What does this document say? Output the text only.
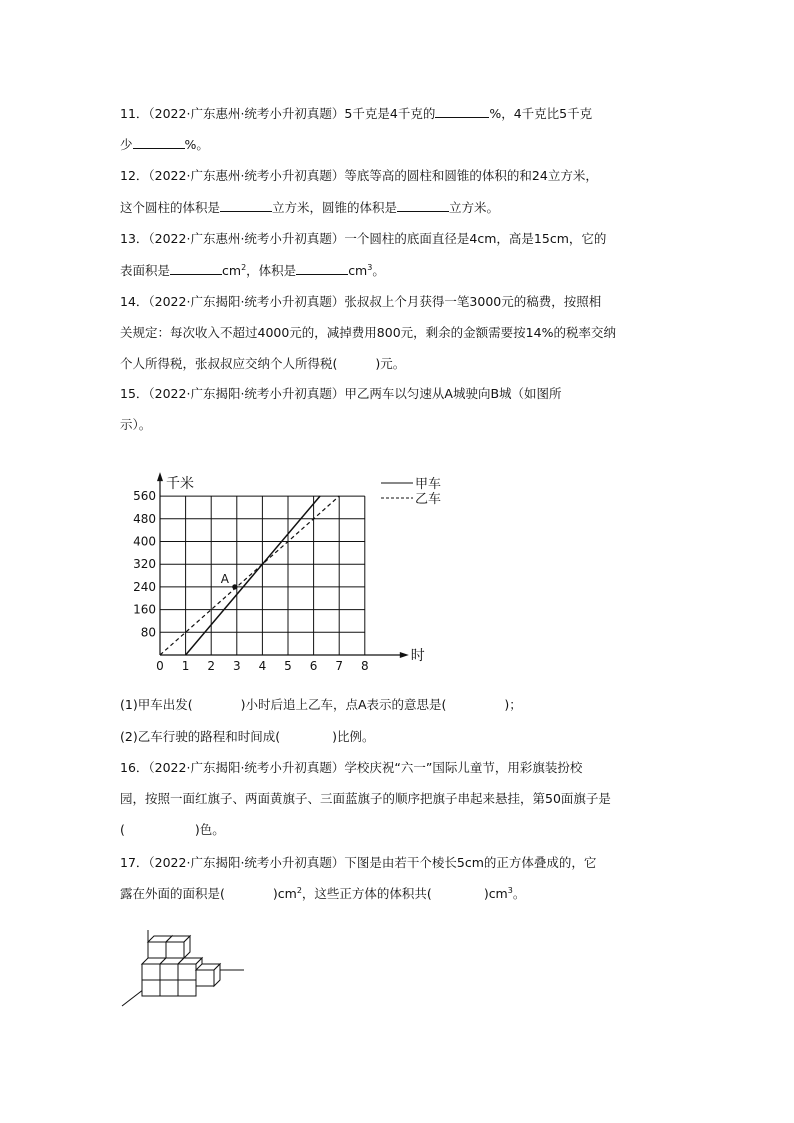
11．（2022·广东惠州·统考小升初真题）5千克是4千克的	%，4千克比5千克
少	%。
12．（2022·广东惠州·统考小升初真题）等底等高的圆柱和圆锥的体积的和24立方米，
这个圆柱的体积是	立方米，圆锥的体积是	立方米。
13．（2022·广东惠州·统考小升初真题）一个圆柱的底面直径是4cm，高是15cm，它的
表面积是	$cm^2$，体积是	$cm^3$。
14．（2022·广东揭阳·统考小升初真题）张叔叔上个月获得一笔3000元的稿费，按照相
关规定：每次收入不超过4000元的，减掉费用800元，剩余的金额需要按14%的税率交纳
个人所得税，张叔叔应交纳个人所得税(	)元。
15．（2022·广东揭阳·统考小升初真题）甲乙两车以匀速从A城驶向B城（如图所
示）。
1 2 3 4 5 6 7 8
80
160
240
320
400
480
560
0
千米
时
A
甲车
乙车
(1)甲车出发(	)小时后追上乙车，点A表示的意思是(	)；
(2)乙车行驶的路程和时间成(	)比例。
16．（2022·广东揭阳·统考小升初真题）学校庆祝“六一”国际儿童节，用彩旗装扮校
园，按照一面红旗子、两面黄旗子、三面蓝旗子的顺序把旗子串起来悬挂，第50面旗子是
(	)色。
17．（2022·广东揭阳·统考小升初真题）下图是由若干个棱长5cm的正方体叠成的，它
露在外面的面积是(	)$cm^2$，这些正方体的体积共(	)$cm^3$。
